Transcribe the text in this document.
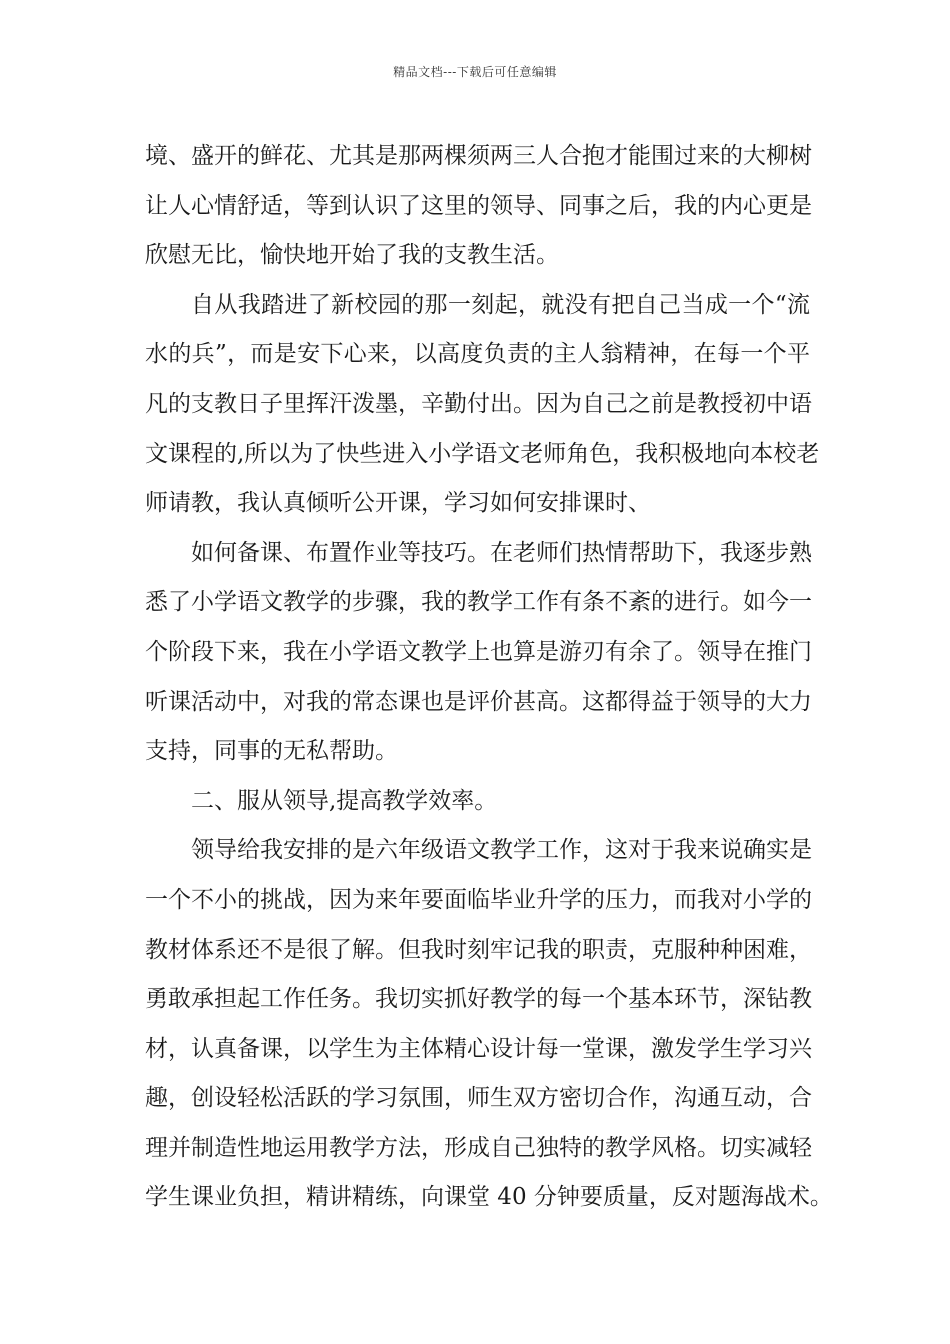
精品文档---下载后可任意编辑
境、盛开的鲜花、尤其是那两棵须两三人合抱才能围过来的大柳树
让人心情舒适，等到认识了这里的领导、同事之后，我的内心更是
欣慰无比，愉快地开始了我的支教生活。
自从我踏进了新校园的那一刻起，就没有把自己当成一个“流
水的兵”，而是安下心来，以高度负责的主人翁精神，在每一个平
凡的支教日子里挥汗泼墨，辛勤付出。因为自己之前是教授初中语
文课程的,所以为了快些进入小学语文老师角色，我积极地向本校老
师请教，我认真倾听公开课，学习如何安排课时、
如何备课、布置作业等技巧。在老师们热情帮助下，我逐步熟
悉了小学语文教学的步骤，我的教学工作有条不紊的进行。如今一
个阶段下来，我在小学语文教学上也算是游刃有余了。领导在推门
听课活动中，对我的常态课也是评价甚高。这都得益于领导的大力
支持，同事的无私帮助。
二、服从领导,提高教学效率。
领导给我安排的是六年级语文教学工作，这对于我来说确实是
一个不小的挑战，因为来年要面临毕业升学的压力，而我对小学的
教材体系还不是很了解。但我时刻牢记我的职责，克服种种困难，
勇敢承担起工作任务。我切实抓好教学的每一个基本环节，深钻教
材，认真备课，以学生为主体精心设计每一堂课，激发学生学习兴
趣，创设轻松活跃的学习氛围，师生双方密切合作，沟通互动，合
理并制造性地运用教学方法，形成自己独特的教学风格。切实减轻
学生课业负担，精讲精练，向课堂 40 分钟要质量，反对题海战术。
